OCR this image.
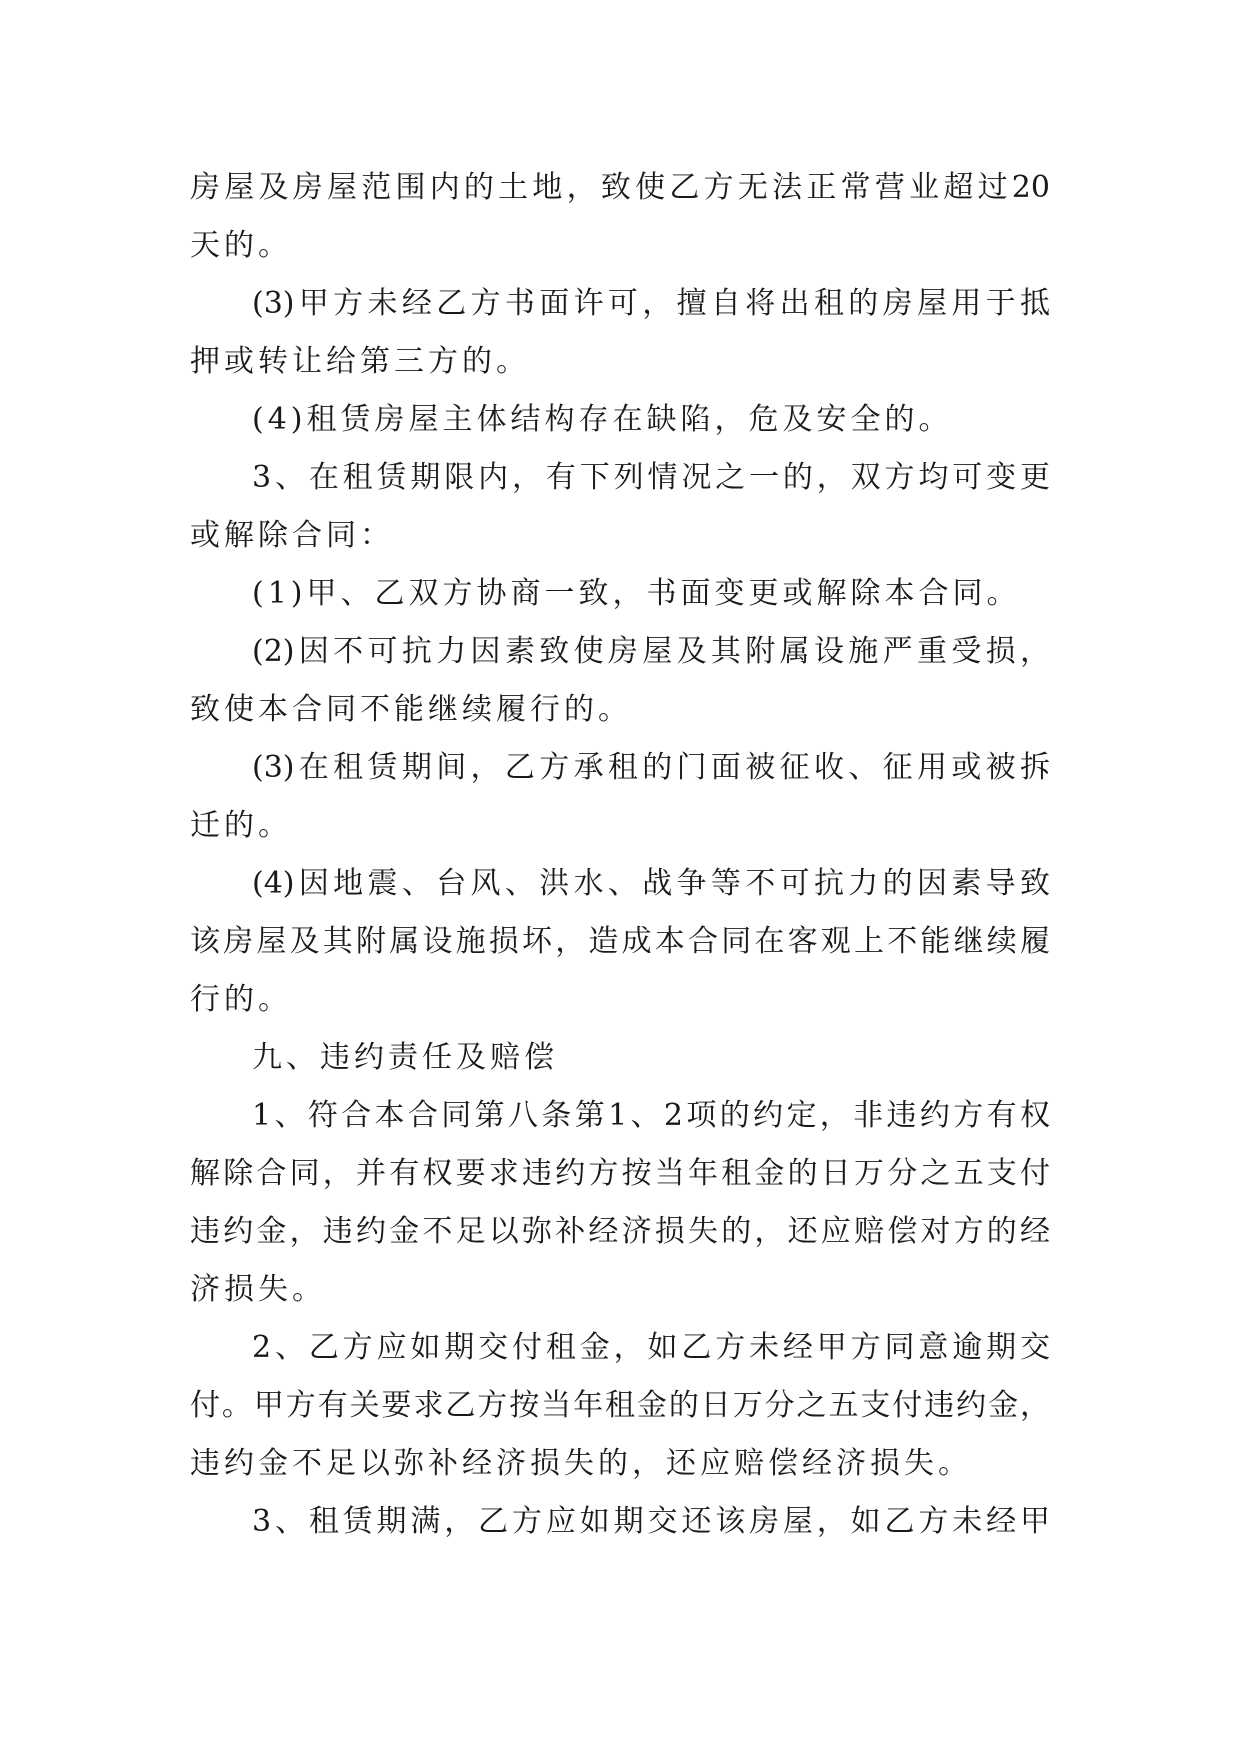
房屋及房屋范围内的土地，致使乙方无法正常营业超过20
天的。
(3)甲方未经乙方书面许可，擅自将出租的房屋用于抵
押或转让给第三方的。
(4)租赁房屋主体结构存在缺陷，危及安全的。
3、在租赁期限内，有下列情况之一的，双方均可变更
或解除合同：
(1)甲、乙双方协商一致，书面变更或解除本合同。
(2)因不可抗力因素致使房屋及其附属设施严重受损，
致使本合同不能继续履行的。
(3)在租赁期间，乙方承租的门面被征收、征用或被拆
迁的。
(4)因地震、台风、洪水、战争等不可抗力的因素导致
该房屋及其附属设施损坏，造成本合同在客观上不能继续履
行的。
九、违约责任及赔偿
1、符合本合同第八条第1、2项的约定，非违约方有权
解除合同，并有权要求违约方按当年租金的日万分之五支付
违约金，违约金不足以弥补经济损失的，还应赔偿对方的经
济损失。
2、乙方应如期交付租金，如乙方未经甲方同意逾期交
付。甲方有关要求乙方按当年租金的日万分之五支付违约金，
违约金不足以弥补经济损失的，还应赔偿经济损失。
3、租赁期满，乙方应如期交还该房屋，如乙方未经甲
